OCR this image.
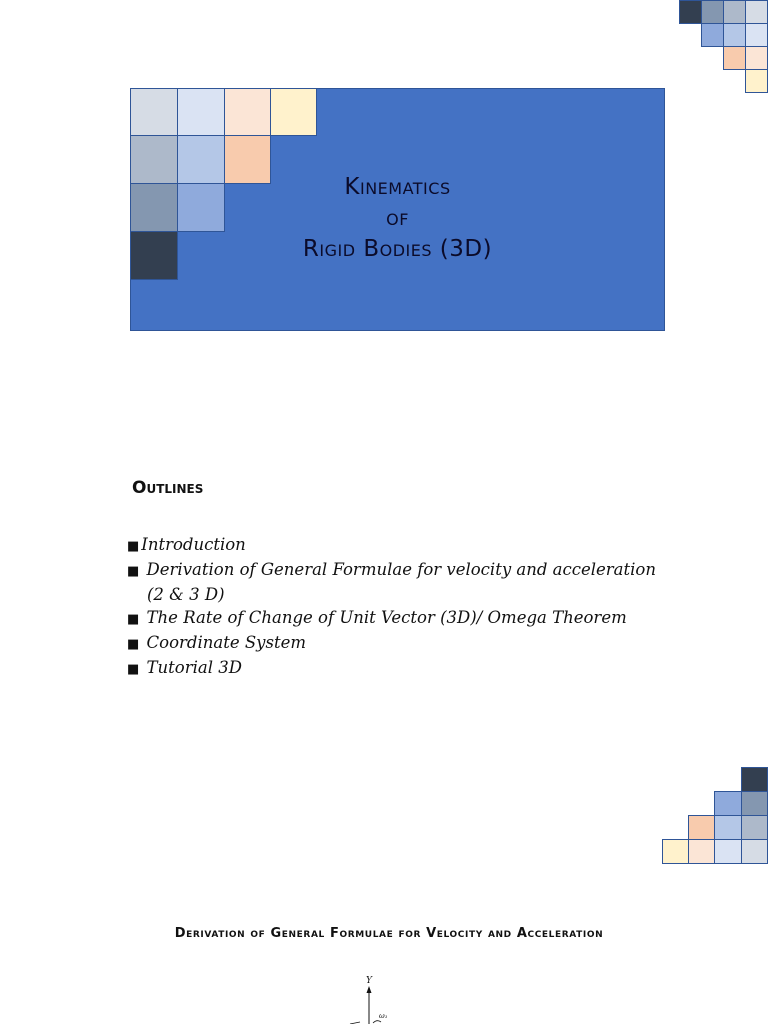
Kinematics
of
Rigid Bodies (3D)
Outlines
■ Introduction
■ Derivation of General Formulae for velocity and acceleration
(2 & 3 D)
■ The Rate of Change of Unit Vector (3D)/ Omega Theorem
■ Coordinate System
■ Tutorial 3D
Derivation of General Formulae for Velocity and Acceleration
Y
ω₁
